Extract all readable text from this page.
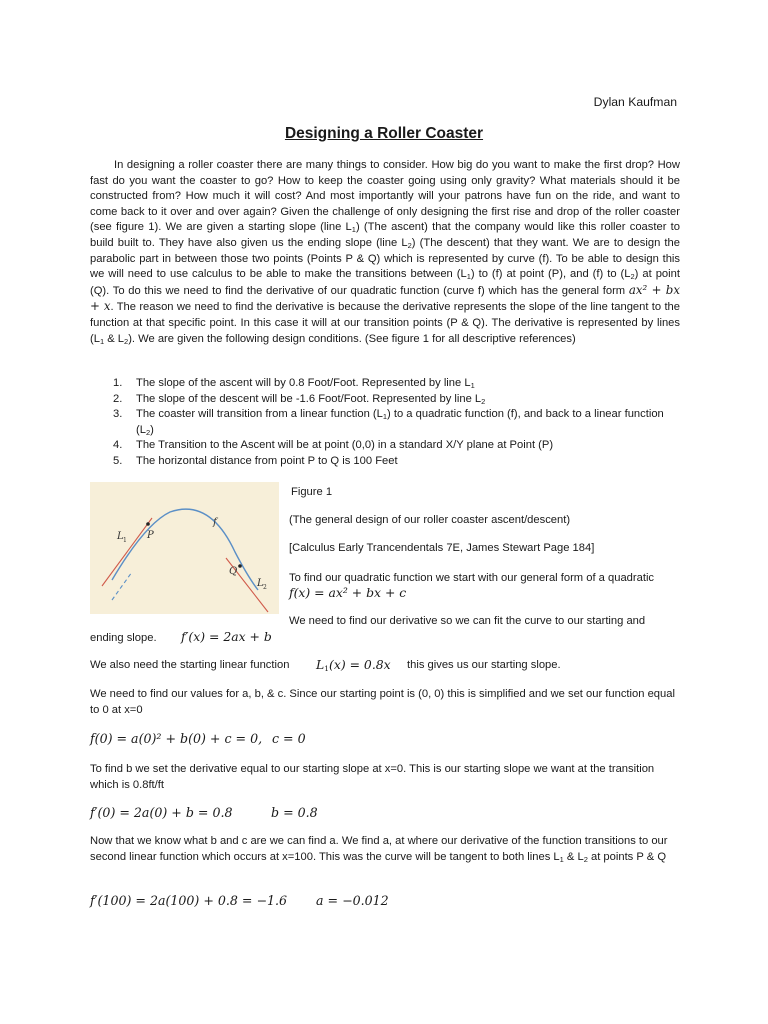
Dylan Kaufman
Designing a Roller Coaster

In designing a roller coaster there are many things to consider. How big do you want to make the first drop? How fast do you want the coaster to go? How to keep the coaster going using only gravity? What materials should it be constructed from? How much it will cost? And most importantly will your patrons have fun on the ride, and want to come back to it over and over again? Given the challenge of only designing the first rise and drop of the roller coaster (see figure 1). We are given a starting slope (line $L_1$) (The ascent) that the company would like this roller coaster to build built to. They have also given us the ending slope (line $L_2$) (The descent) that they want. We are to design the parabolic part in between those two points (Points P & Q) which is represented by curve (f). To be able to design this we will need to use calculus to be able to make the transitions between $(L_1)$ to (f) at point (P), and (f) to $(L_2)$ at point (Q). To do this we need to find the derivative of our quadratic function (curve f) which has the general form ax² + bx + x. The reason we need to find the derivative is because the derivative represents the slope of the line tangent to the function at that specific point. In this case it will at our transition points (P & Q). The derivative is represented by lines ($L_1$ & $L_2$). We are given the following design conditions. (See figure 1 for all descriptive references)

1.	The slope of the ascent will by 0.8 Foot/Foot. Represented by line $L_1$
2.	The slope of the descent will be -1.6 Foot/Foot. Represented by line $L_2$
3.	The coaster will transition from a linear function $(L_1)$ to a quadratic function (f), and back to a linear function $(L_2)$
4.	The Transition to the Ascent will be at point (0,0) in a standard X/Y plane at Point (P)
5.	The horizontal distance from point P to Q is 100 Feet
f
P
Q
L 1
L 2
Figure 1
(The general design of our roller coaster ascent/descent)
[Calculus Early Trancendentals 7E, James Stewart Page 184]
To find our quadratic function we start with our general form of a quadratic
f(x) = ax² + bx + c
We need to find our derivative so we can fit the curve to our starting and
ending slope. f′(x) = 2ax + b
We also need the starting linear function $L_1(x) = 0.8x$ this gives us our starting slope.
We need to find our values for a, b, & c. Since our starting point is (0, 0) this is simplified and we set our function equal to 0 at x=0
f(0) = a(0)² + b(0) + c = 0, c = 0
To find b we set the derivative equal to our starting slope at x=0. This is our starting slope we want at the transition which is 0.8ft/ft
f′(0) = 2a(0) + b = 0.8	b = 0.8
Now that we know what b and c are we can find a. We find a, at where our derivative of the function transitions to our second linear function which occurs at x=100. This was the curve will be tangent to both lines $L_1$ & $L_2$ at points P & Q
f′(100) = 2a(100) + 0.8 = −1.6 a = −0.012
